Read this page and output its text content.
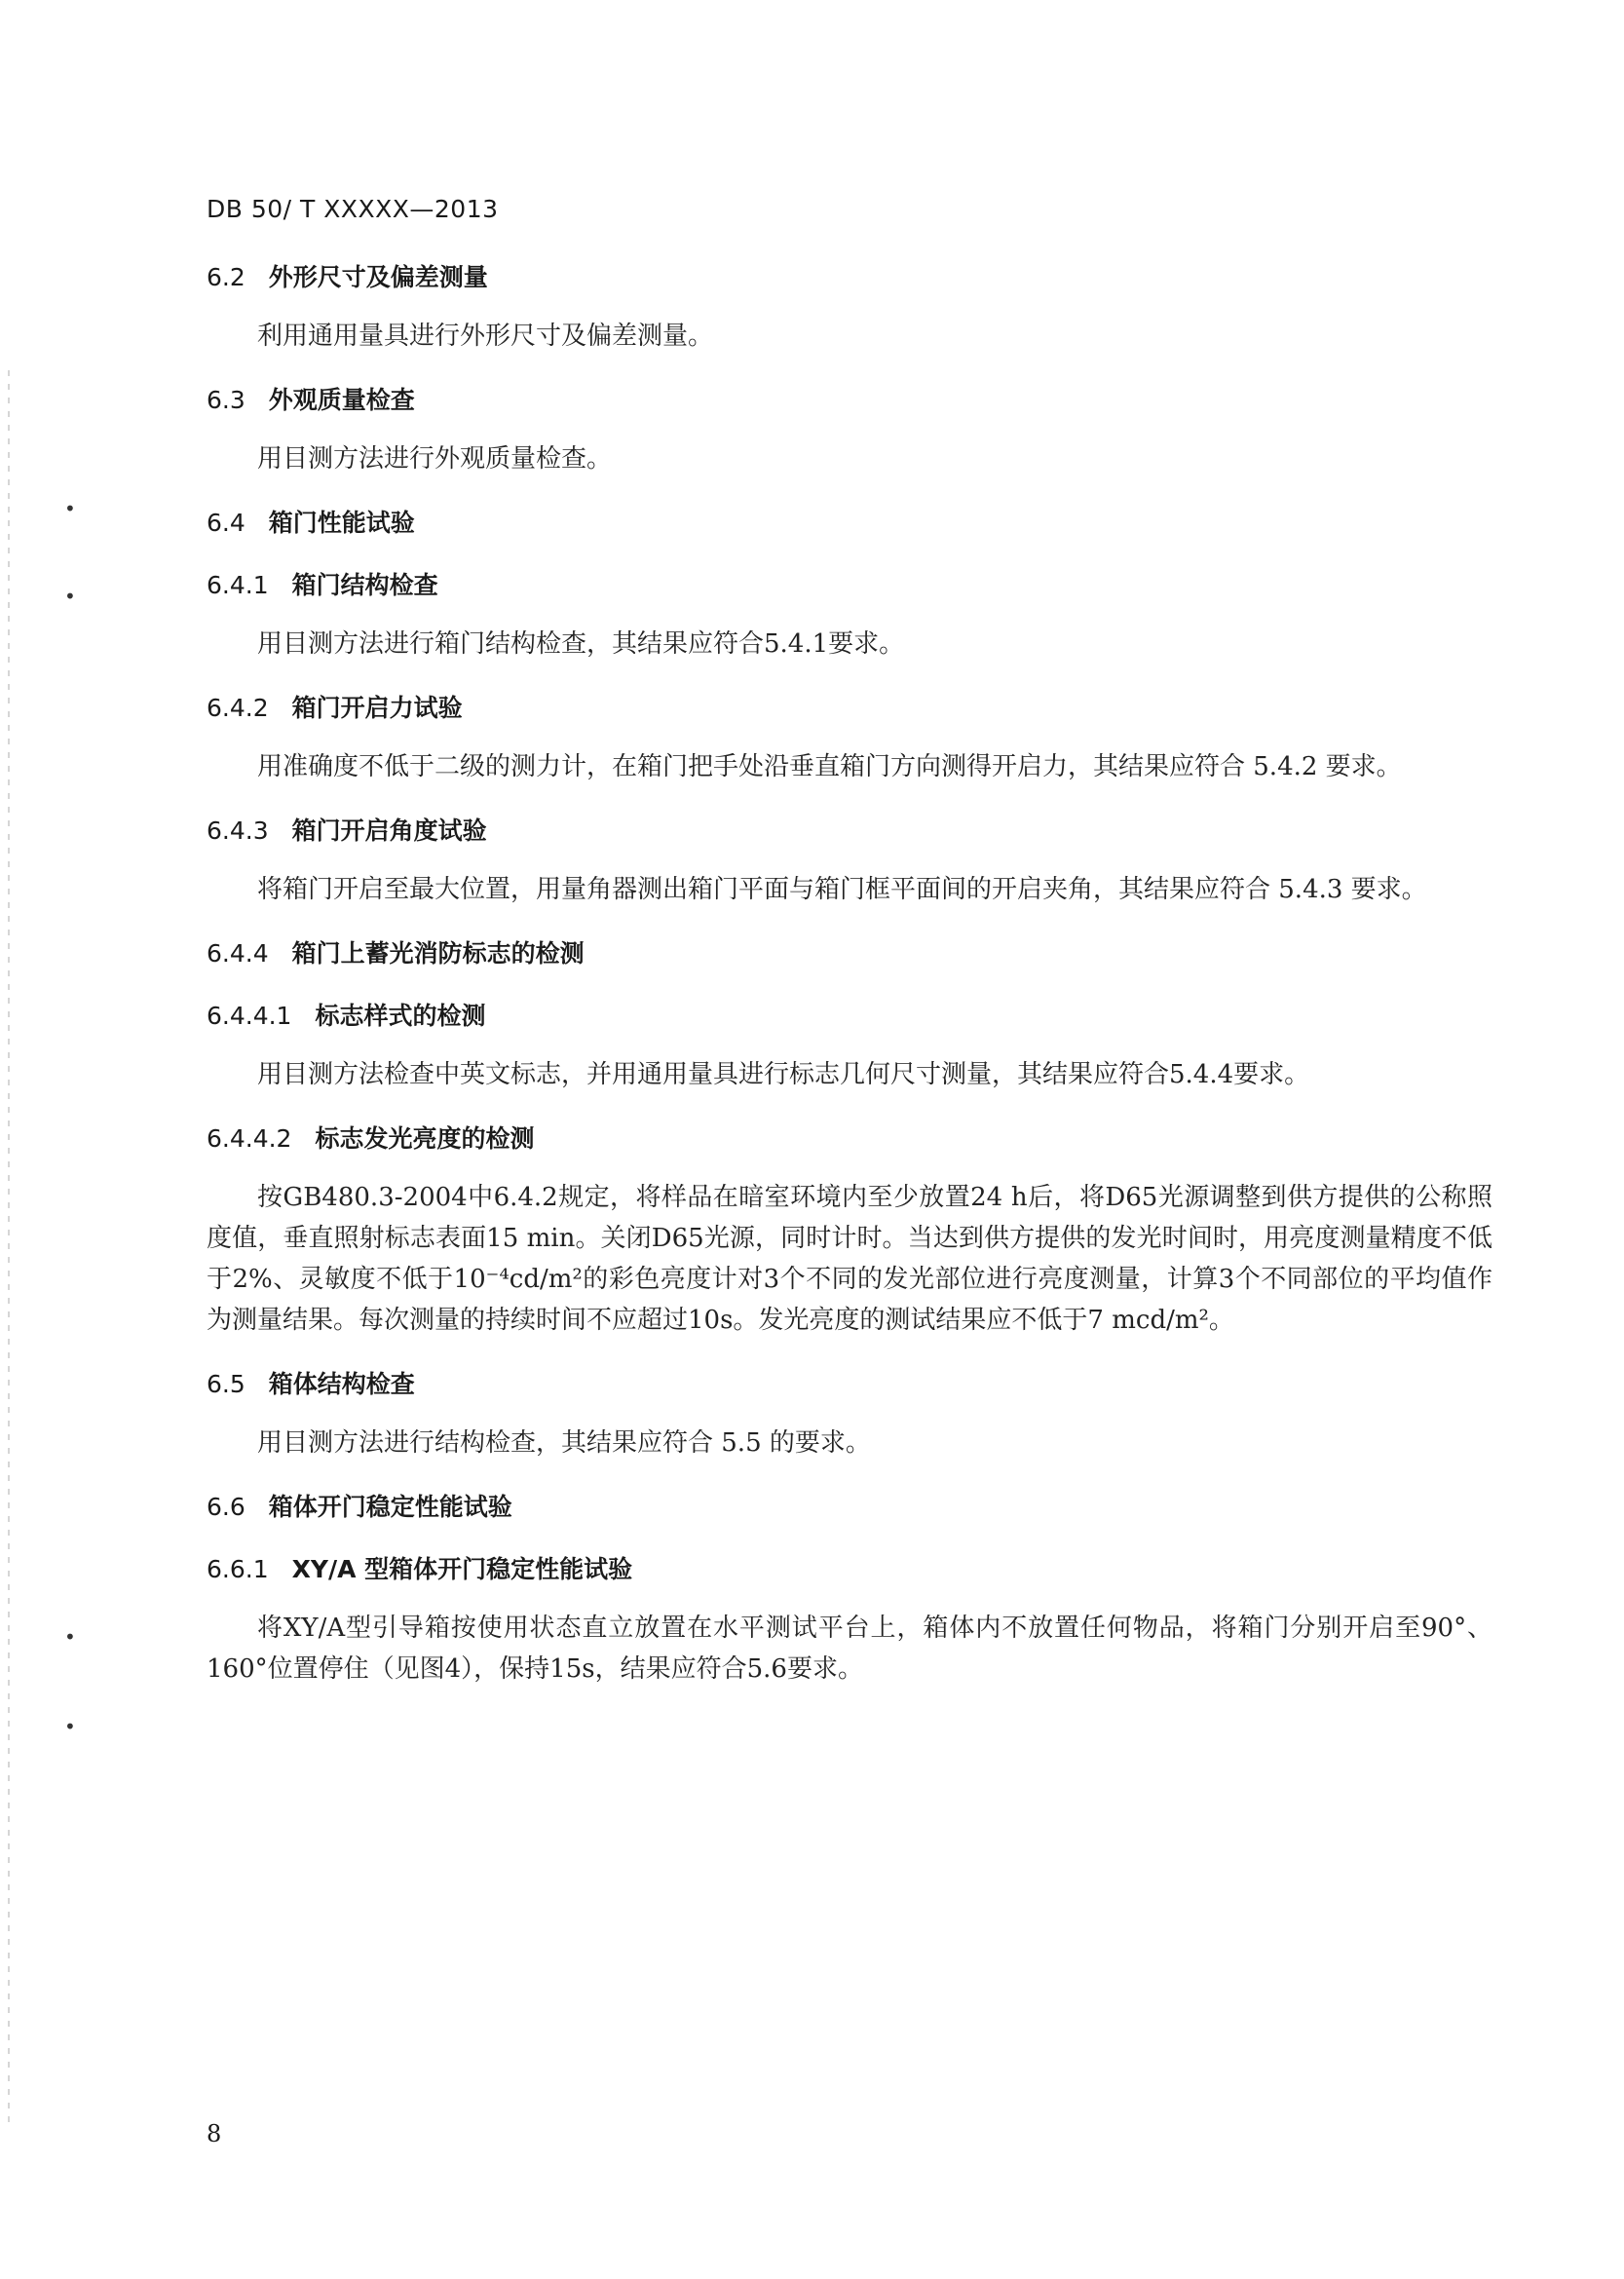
•
•
•
•
DB 50/ T XXXXX—2013
6.2 外形尺寸及偏差测量

利用通用量具进行外形尺寸及偏差测量。

6.3 外观质量检查

用目测方法进行外观质量检查。

6.4 箱门性能试验
6.4.1 箱门结构检查

用目测方法进行箱门结构检查，其结果应符合5.4.1要求。

6.4.2 箱门开启力试验

用准确度不低于二级的测力计，在箱门把手处沿垂直箱门方向测得开启力，其结果应符合 5.4.2 要求。

6.4.3 箱门开启角度试验

将箱门开启至最大位置，用量角器测出箱门平面与箱门框平面间的开启夹角，其结果应符合 5.4.3 要求。

6.4.4 箱门上蓄光消防标志的检测
6.4.4.1 标志样式的检测

用目测方法检查中英文标志，并用通用量具进行标志几何尺寸测量，其结果应符合5.4.4要求。

6.4.4.2 标志发光亮度的检测

按GB480.3-2004中6.4.2规定，将样品在暗室环境内至少放置24 h后，将D65光源调整到供方提供的公称照度值，垂直照射标志表面15 min。关闭D65光源，同时计时。当达到供方提供的发光时间时，用亮度测量精度不低于2%、灵敏度不低于10⁻⁴cd/m²的彩色亮度计对3个不同的发光部位进行亮度测量，计算3个不同部位的平均值作为测量结果。每次测量的持续时间不应超过10s。发光亮度的测试结果应不低于7 mcd/m²。

6.5 箱体结构检查

用目测方法进行结构检查，其结果应符合 5.5 的要求。

6.6 箱体开门稳定性能试验
6.6.1 XY/A 型箱体开门稳定性能试验

将XY/A型引导箱按使用状态直立放置在水平测试平台上，箱体内不放置任何物品，将箱门分别开启至90°、160°位置停住（见图4），保持15s，结果应符合5.6要求。

8
